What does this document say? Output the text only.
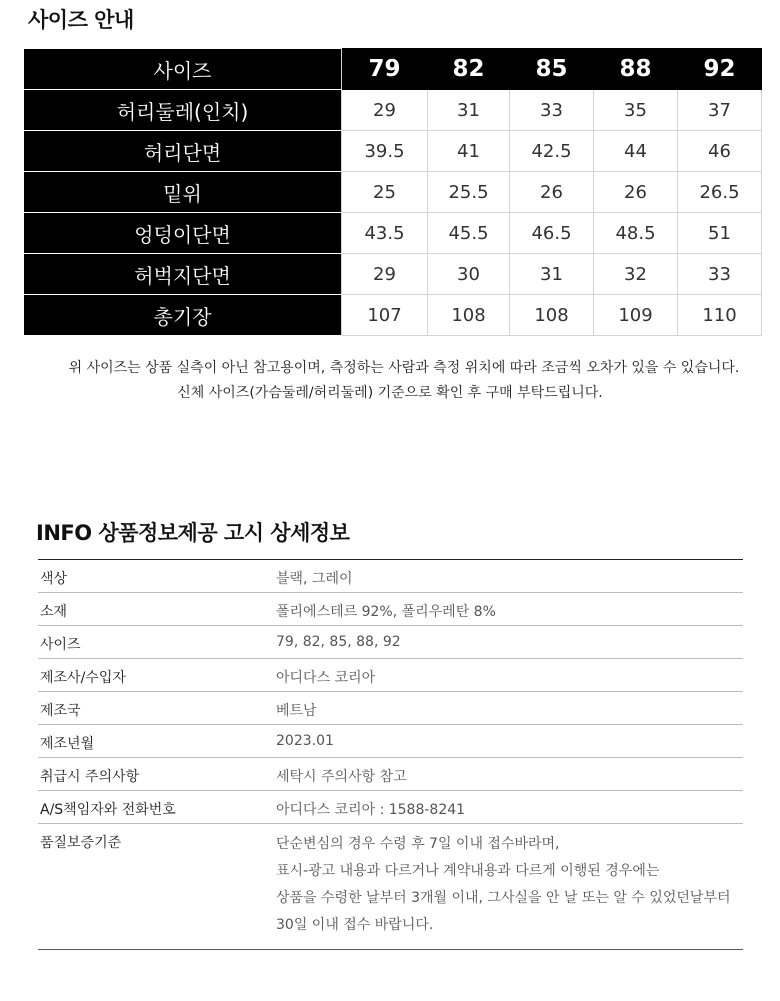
사이즈 안내
사이즈	79	82	85	88	92
허리둘레(인치)	29	31	33	35	37
허리단면	39.5	41	42.5	44	46
밑위	25	25.5	26	26	26.5
엉덩이단면	43.5	45.5	46.5	48.5	51
허벅지단면	29	30	31	32	33
총기장	107	108	108	109	110

위 사이즈는 상품 실측이 아닌 참고용이며, 측정하는 사람과 측정 위치에 따라 조금씩 오차가 있을 수 있습니다.

신체 사이즈(가슴둘레/허리둘레) 기준으로 확인 후 구매 부탁드립니다.

INFO 상품정보제공 고시 상세정보
색상	블랙, 그레이
소재	폴리에스테르 92%, 폴리우레탄 8%
사이즈	79, 82, 85, 88, 92
제조사/수입자	아디다스 코리아
제조국	베트남
제조년월	2023.01
취급시 주의사항	세탁시 주의사항 참고
A/S책임자와 전화번호	아디다스 코리아 : 1588-8241
품질보증기준	단순변심의 경우 수령 후 7일 이내 접수바라며,
표시-광고 내용과 다르거나 계약내용과 다르게 이행된 경우에는
상품을 수령한 날부터 3개월 이내, 그사실을 안 날 또는 알 수 있었던날부터
30일 이내 접수 바랍니다.
